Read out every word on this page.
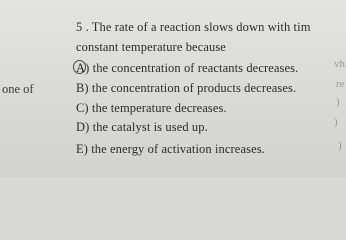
one of
5 . The rate of a reaction slows down with tim
constant temperature because
A) the concentration of reactants decreases.
B) the concentration of products decreases.
C) the temperature decreases.
D) the catalyst is used up.
E) the energy of activation increases.
vh
re
)
)
)
